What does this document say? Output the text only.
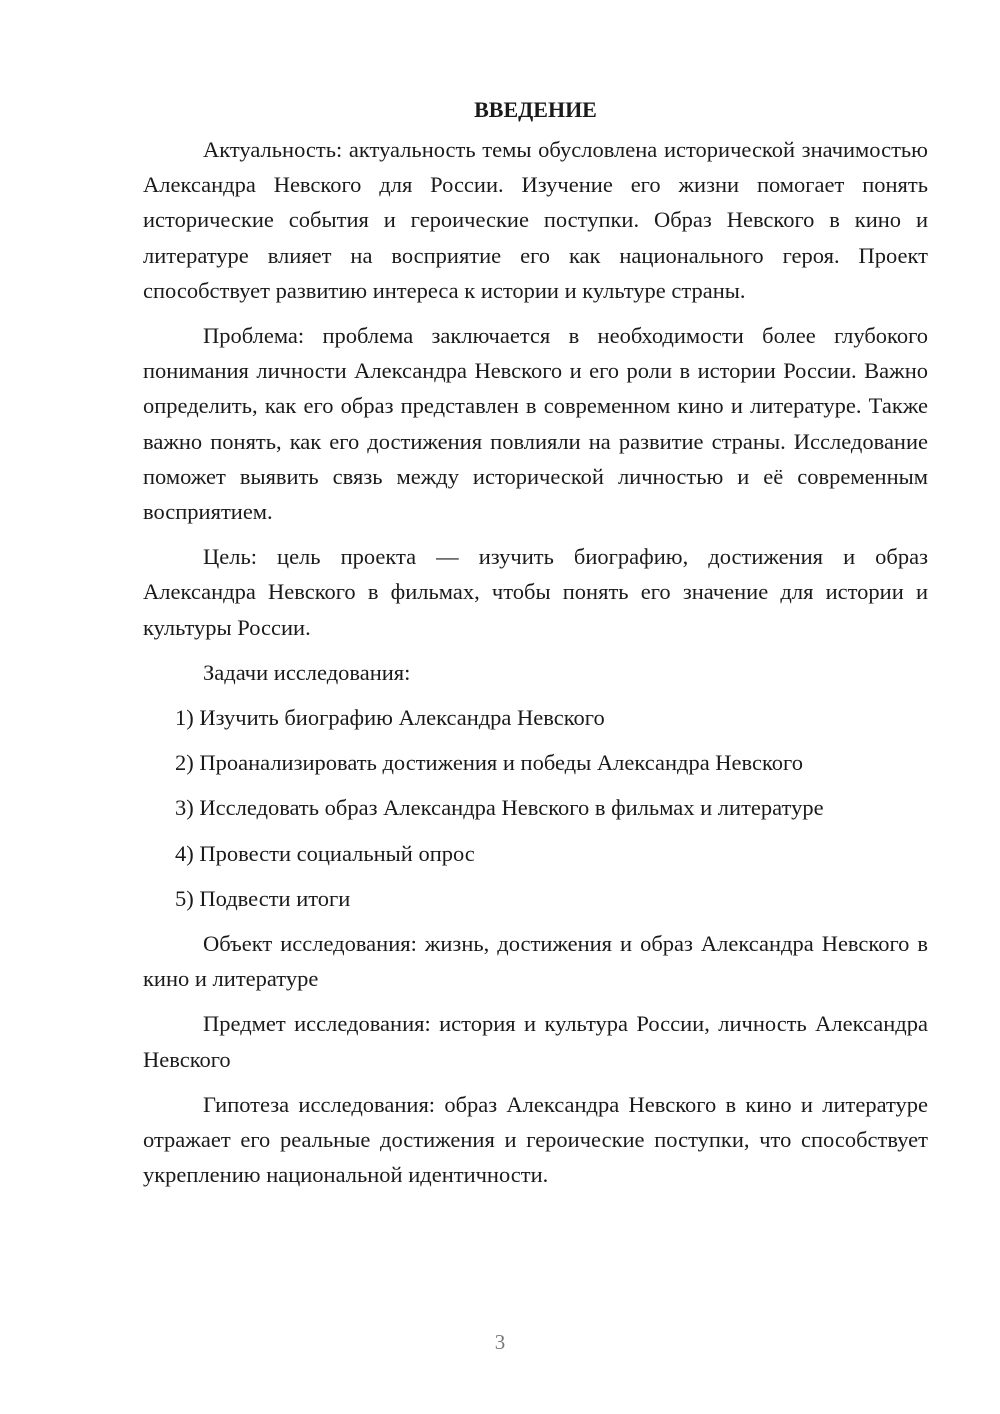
ВВЕДЕНИЕ

Актуальность: актуальность темы обусловлена исторической значимостью Александра Невского для России. Изучение его жизни помогает понять исторические события и героические поступки. Образ Невского в кино и литературе влияет на восприятие его как национального героя. Проект способствует развитию интереса к истории и культуре страны.

Проблема: проблема заключается в необходимости более глубокого понимания личности Александра Невского и его роли в истории России. Важно определить, как его образ представлен в современном кино и литературе. Также важно понять, как его достижения повлияли на развитие страны. Исследование поможет выявить связь между исторической личностью и её современным восприятием.

Цель: цель проекта — изучить биографию, достижения и образ Александра Невского в фильмах, чтобы понять его значение для истории и культуры России.

Задачи исследования:

1) Изучить биографию Александра Невского
2) Проанализировать достижения и победы Александра Невского
3) Исследовать образ Александра Невского в фильмах и литературе
4) Провести социальный опрос
5) Подвести итоги

Объект исследования: жизнь, достижения и образ Александра Невского в кино и литературе

Предмет исследования: история и культура России, личность Александра Невского

Гипотеза исследования: образ Александра Невского в кино и литературе отражает его реальные достижения и героические поступки, что способствует укреплению национальной идентичности.

3
